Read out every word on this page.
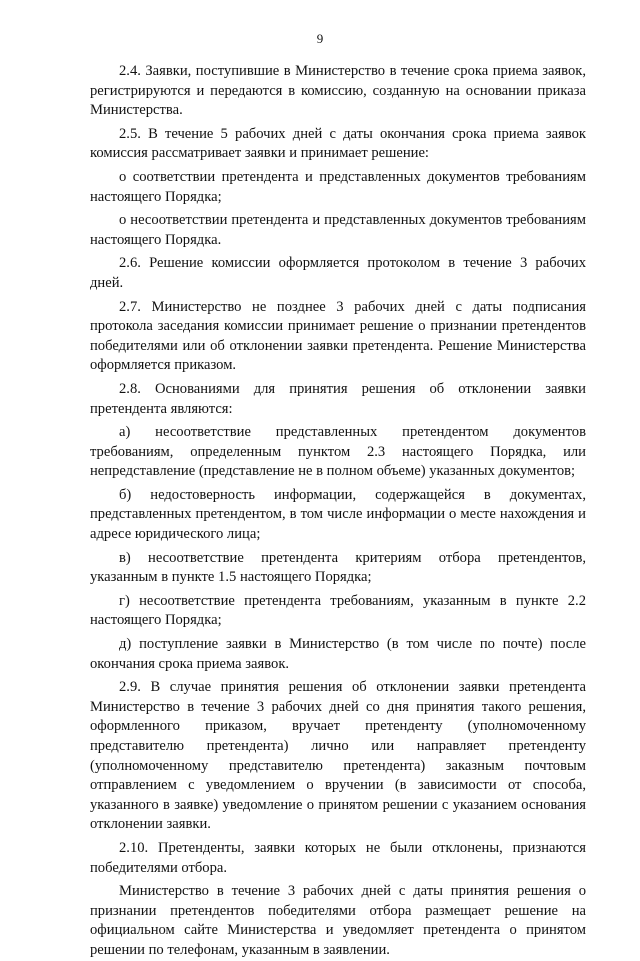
9

2.4. Заявки, поступившие в Министерство в течение срока приема заявок, регистрируются и передаются в комиссию, созданную на основании приказа Министерства.

2.5. В течение 5 рабочих дней с даты окончания срока приема заявок комиссия рассматривает заявки и принимает решение:

о соответствии претендента и представленных документов требованиям настоящего Порядка;

о несоответствии претендента и представленных документов требованиям настоящего Порядка.

2.6. Решение комиссии оформляется протоколом в течение 3 рабочих дней.

2.7. Министерство не позднее 3 рабочих дней с даты подписания протокола заседания комиссии принимает решение о признании претендентов победителями или об отклонении заявки претендента. Решение Министерства оформляется приказом.

2.8. Основаниями для принятия решения об отклонении заявки претендента являются:

а) несоответствие представленных претендентом документов требованиям, определенным пунктом 2.3 настоящего Порядка, или непредставление (представление не в полном объеме) указанных документов;

б) недостоверность информации, содержащейся в документах, представленных претендентом, в том числе информации о месте нахождения и адресе юридического лица;

в) несоответствие претендента критериям отбора претендентов, указанным в пункте 1.5 настоящего Порядка;

г) несоответствие претендента требованиям, указанным в пункте 2.2 настоящего Порядка;

д) поступление заявки в Министерство (в том числе по почте) после окончания срока приема заявок.

2.9. В случае принятия решения об отклонении заявки претендента Министерство в течение 3 рабочих дней со дня принятия такого решения, оформленного приказом, вручает претенденту (уполномоченному представителю претендента) лично или направляет претенденту (уполномоченному представителю претендента) заказным почтовым отправлением с уведомлением о вручении (в зависимости от способа, указанного в заявке) уведомление о принятом решении с указанием основания отклонении заявки.

2.10. Претенденты, заявки которых не были отклонены, признаются победителями отбора.

Министерство в течение 3 рабочих дней с даты принятия решения о признании претендентов победителями отбора размещает решение на официальном сайте Министерства и уведомляет претендента о принятом решении по телефонам, указанным в заявлении.
